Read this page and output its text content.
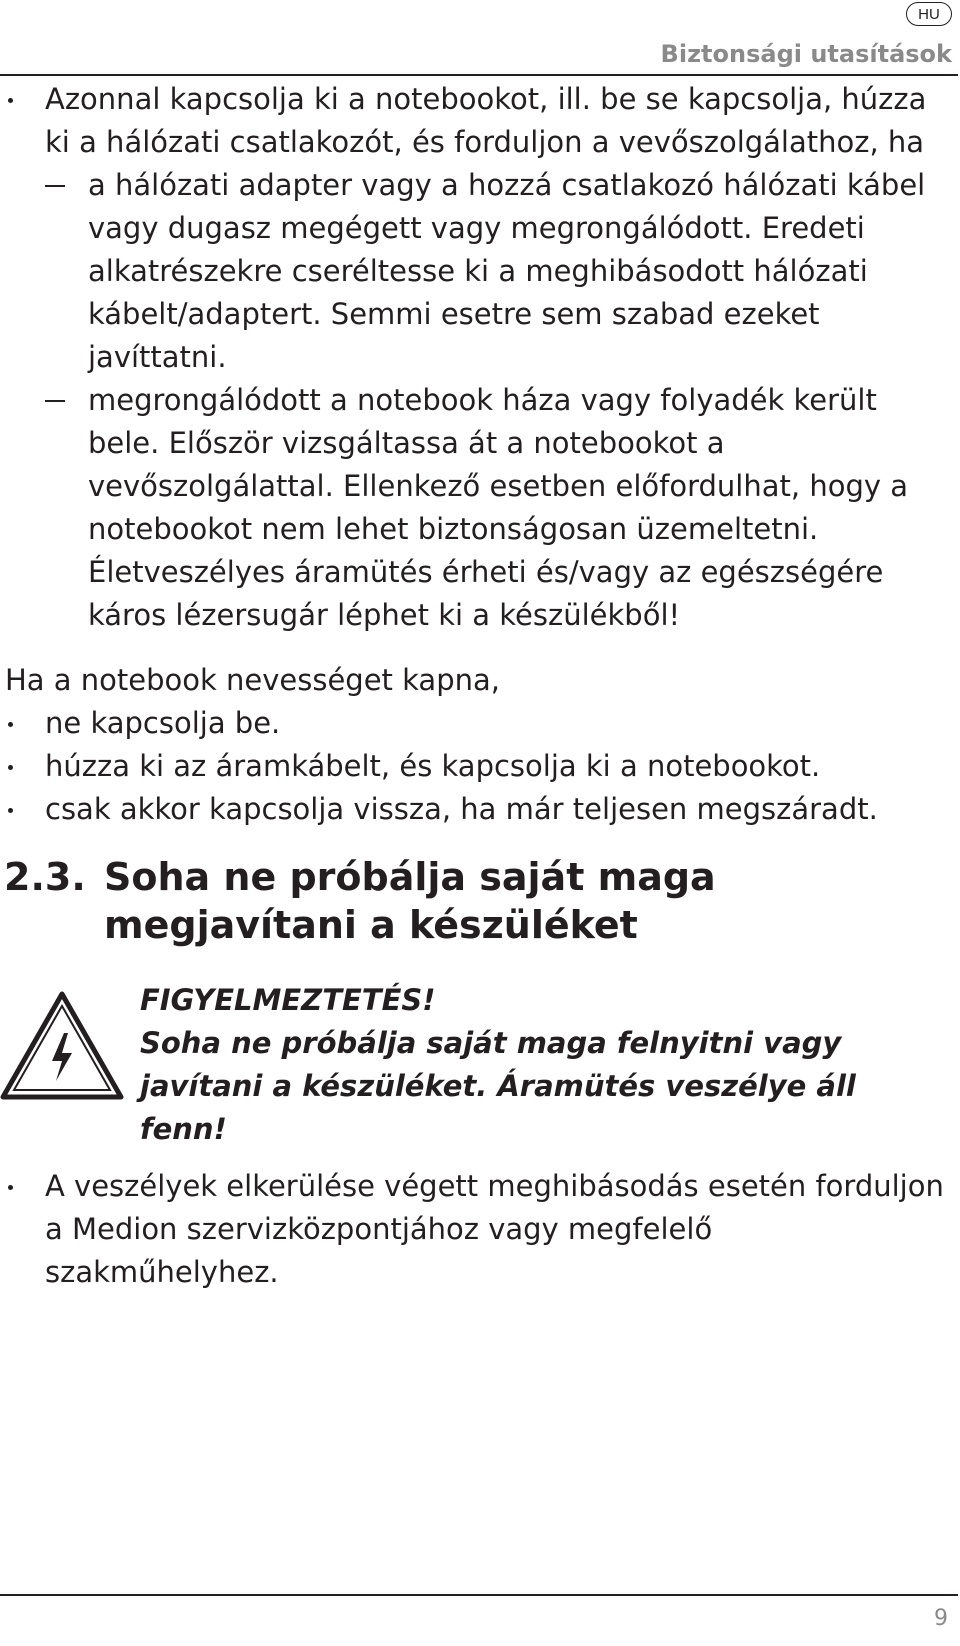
HU
Biztonsági utasítások
Azonnal kapcsolja ki a notebookot, ill. be se kapcsolja, húzza ki a hálózati csatlakozót, és forduljon a vevőszolgálathoz, ha
a hálózati adapter vagy a hozzá csatlakozó hálózati kábel vagy dugasz megégett vagy megrongálódott. Eredeti alkatrészekre cseréltesse ki a meghibásodott hálózati kábelt/adaptert. Semmi esetre sem szabad ezeket javíttatni.
megrongálódott a notebook háza vagy folyadék került bele. Először vizsgáltassa át a notebookot a vevőszolgálattal. Ellenkező esetben előfordulhat, hogy a notebookot nem lehet biztonságosan üzemeltetni. Életveszélyes áramütés érheti és/vagy az egészségére káros lézersugár léphet ki a készülékből!
Ha a notebook nevességet kapna,
ne kapcsolja be.
húzza ki az áramkábelt, és kapcsolja ki a notebookot.
csak akkor kapcsolja vissza, ha már teljesen megszáradt.
2.3. Soha ne próbálja saját maga megjavítani a készüléket
FIGYELMEZTETÉS!
Soha ne próbálja saját maga felnyitni vagy javítani a készüléket. Áramütés veszélye áll fenn!
A veszélyek elkerülése végett meghibásodás esetén forduljon a Medion szervizközpontjához vagy megfelelő szakműhelyhez.
9
